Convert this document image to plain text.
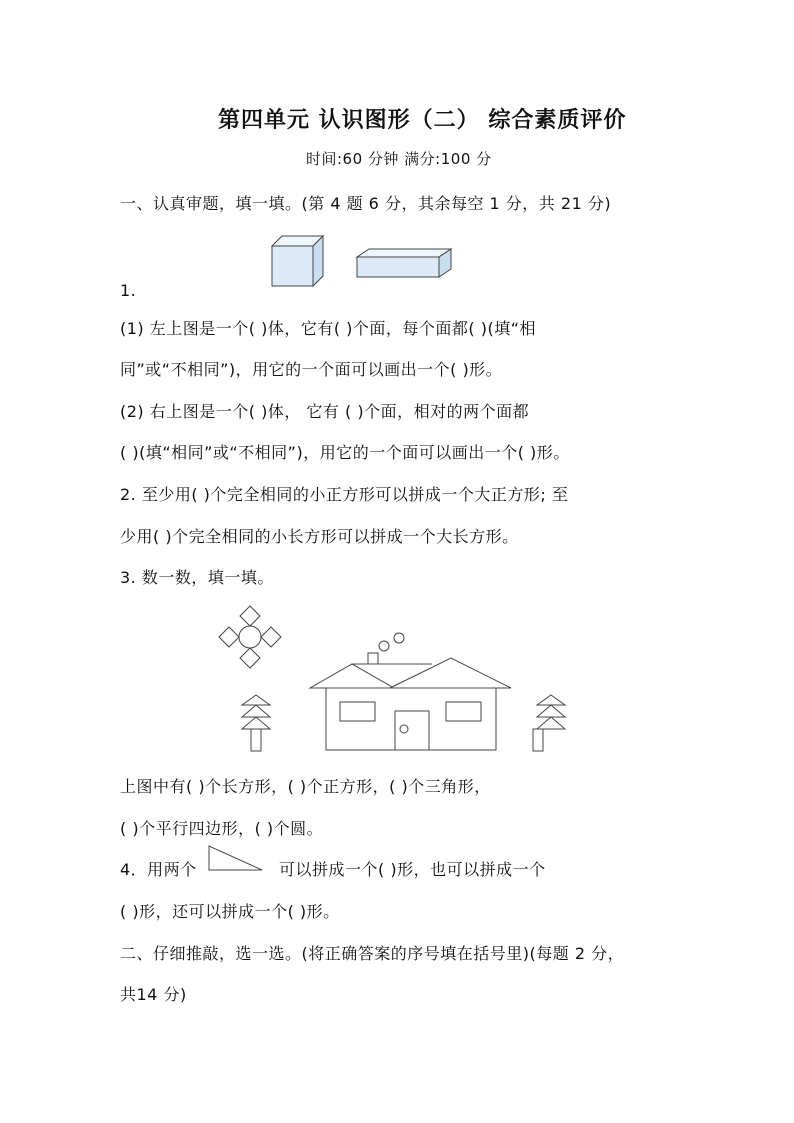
第四单元 认识图形（二） 综合素质评价
时间:60 分钟 满分:100 分
一、认真审题，填一填。(第 4 题 6 分，其余每空 1 分，共 21 分)
1.
(1) 左上图是一个( )体，它有( )个面，每个面都( )(填“相
同”或“不相同”)，用它的一个面可以画出一个( )形。
(2) 右上图是一个( )体， 它有 ( )个面，相对的两个面都
( )(填“相同”或“不相同”)，用它的一个面可以画出一个( )形。
2. 至少用( )个完全相同的小正方形可以拼成一个大正方形; 至
少用( )个完全相同的小长方形可以拼成一个大长方形。
3. 数一数，填一填。
上图中有( )个长方形，( )个正方形，( )个三角形，
( )个平行四边形，( )个圆。
4．用两个	可以拼成一个( )形，也可以拼成一个
( )形，还可以拼成一个( )形。
二、仔细推敲，选一选。(将正确答案的序号填在括号里)(每题 2 分，
共14 分)
